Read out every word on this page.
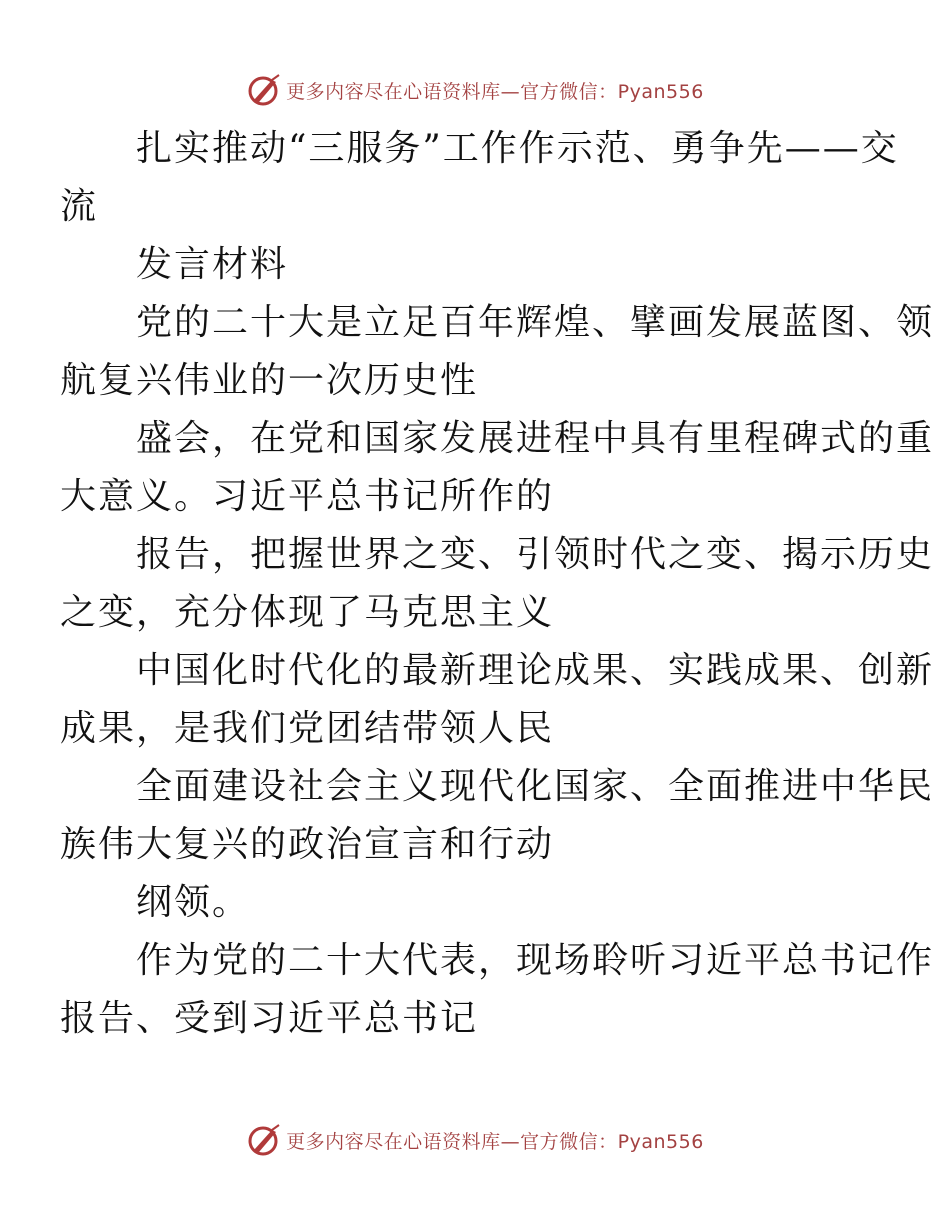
更多内容尽在心语资料库—官方微信：Pyan556

扎实推动“三服务”工作作示范、勇争先——交
流

发言材料

党的二十大是立足百年辉煌、擘画发展蓝图、领
航复兴伟业的一次历史性

盛会，在党和国家发展进程中具有里程碑式的重
大意义。习近平总书记所作的

报告，把握世界之变、引领时代之变、揭示历史
之变，充分体现了马克思主义

中国化时代化的最新理论成果、实践成果、创新
成果，是我们党团结带领人民

全面建设社会主义现代化国家、全面推进中华民
族伟大复兴的政治宣言和行动

纲领。

作为党的二十大代表，现场聆听习近平总书记作
报告、受到习近平总书记

更多内容尽在心语资料库—官方微信：Pyan556
